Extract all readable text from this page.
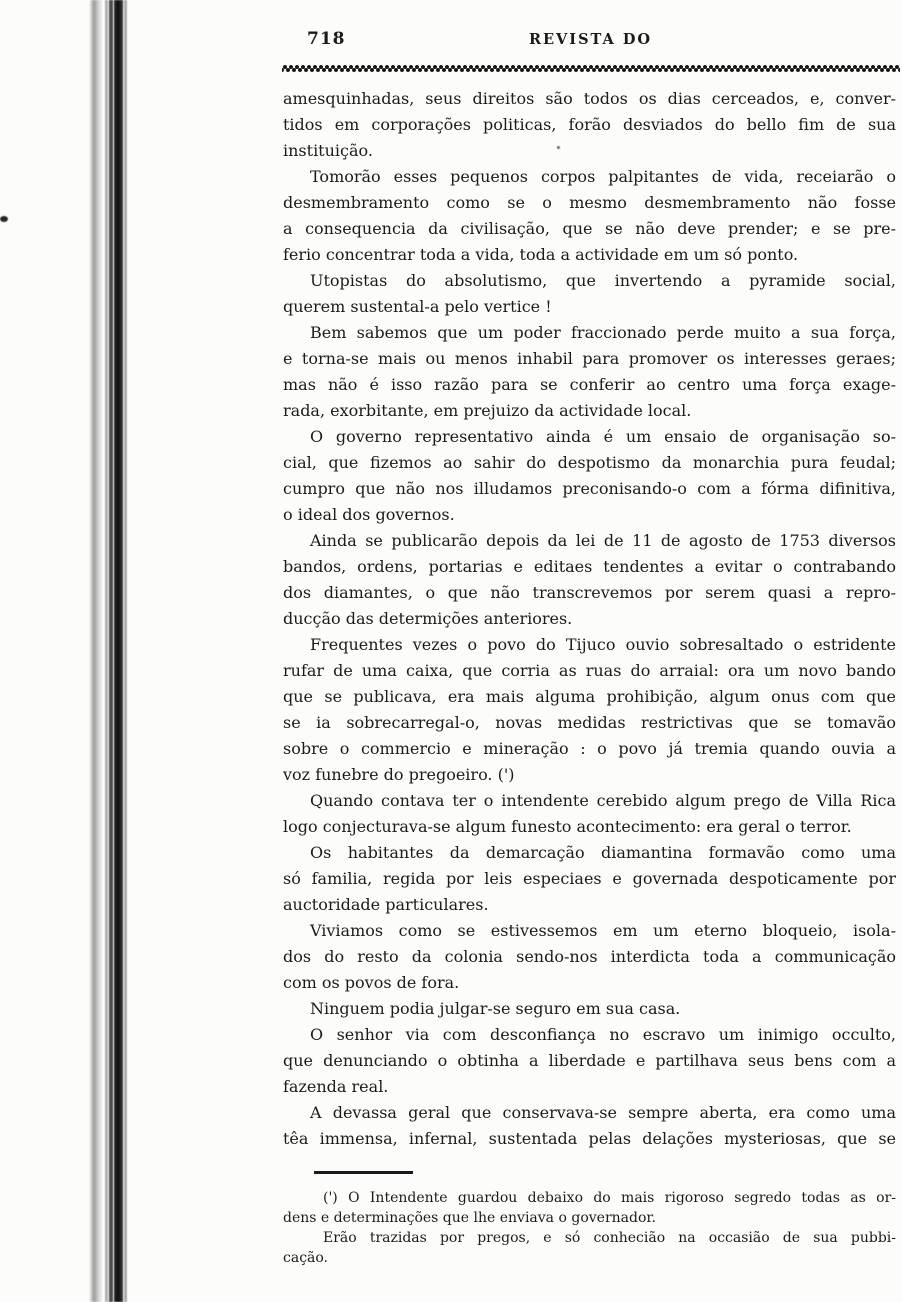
718	REVISTA DO
amesquinhadas, seus direitos são todos os dias cerceados, e, conver-
tidos em corporações politicas, forão desviados do bello fim de sua
instituição.
Tomorão esses pequenos corpos palpitantes de vida, receiarão o
desmembramento como se o mesmo desmembramento não fosse
a consequencia da civilisação, que se não deve prender; e se pre-
ferio concentrar toda a vida, toda a actividade em um só ponto.
Utopistas do absolutismo, que invertendo a pyramide social,
querem sustental-a pelo vertice !
Bem sabemos que um poder fraccionado perde muito a sua força,
e torna-se mais ou menos inhabil para promover os interesses geraes;
mas não é isso razão para se conferir ao centro uma força exage-
rada, exorbitante, em prejuizo da actividade local.
O governo representativo ainda é um ensaio de organisação so-
cial, que fizemos ao sahir do despotismo da monarchia pura feudal;
cumpro que não nos illudamos preconisando-o com a fórma difinitiva,
o ideal dos governos.
Ainda se publicarão depois da lei de 11 de agosto de 1753 diversos
bandos, ordens, portarias e editaes tendentes a evitar o contrabando
dos diamantes, o que não transcrevemos por serem quasi a repro-
ducção das determições anteriores.
Frequentes vezes o povo do Tijuco ouvio sobresaltado o estridente
rufar de uma caixa, que corria as ruas do arraial: ora um novo bando
que se publicava, era mais alguma prohibição, algum onus com que
se ia sobrecarregal-o, novas medidas restrictivas que se tomavão
sobre o commercio e mineração : o povo já tremia quando ouvia a
voz funebre do pregoeiro. (')
Quando contava ter o intendente cerebido algum prego de Villa Rica
logo conjecturava-se algum funesto acontecimento: era geral o terror.
Os habitantes da demarcação diamantina formavão como uma
só familia, regida por leis especiaes e governada despoticamente por
auctoridade particulares.
Viviamos como se estivessemos em um eterno bloqueio, isola-
dos do resto da colonia sendo-nos interdicta toda a communicação
com os povos de fora.
Ninguem podia julgar-se seguro em sua casa.
O senhor via com desconfiança no escravo um inimigo occulto,
que denunciando o obtinha a liberdade e partilhava seus bens com a
fazenda real.
A devassa geral que conservava-se sempre aberta, era como uma
têa immensa, infernal, sustentada pelas delações mysteriosas, que se
(') O Intendente guardou debaixo do mais rigoroso segredo todas as or-
dens e determinações que lhe enviava o governador.
Erão trazidas por pregos, e só conhecião na occasião de sua pubbi-
cação.
